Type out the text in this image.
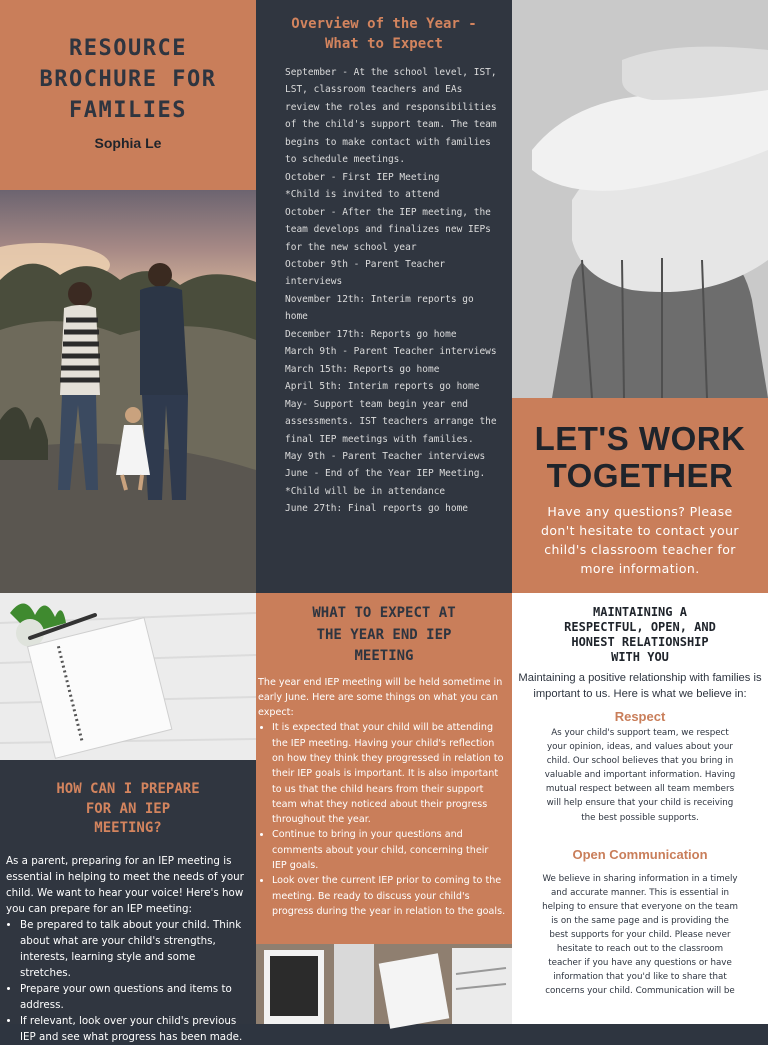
RESOURCE
BROCHURE FOR
FAMILIES
Sophia Le
Overview of the Year -
What to Expect
September - At the school level, IST, LST, classroom teachers and EAs review the roles and responsibilities of the child's support team. The team begins to make contact with families to schedule meetings.
October - First IEP Meeting
*Child is invited to attend
October - After the IEP meeting, the team develops and finalizes new IEPs for the new school year
October 9th - Parent Teacher interviews
November 12th: Interim reports go home
December 17th: Reports go home
March 9th - Parent Teacher interviews
March 15th: Reports go home
April 5th: Interim reports go home
May- Support team begin year end assessments. IST teachers arrange the final IEP meetings with families.
May 9th - Parent Teacher interviews
June - End of the Year IEP Meeting.
*Child will be in attendance
June 27th: Final reports go home
LET'S WORK
TOGETHER

Have any questions? Please don't hesitate to contact your child's classroom teacher for more information.

HOW CAN I PREPARE
FOR AN IEP
MEETING?

As a parent, preparing for an IEP meeting is essential in helping to meet the needs of your child. We want to hear your voice! Here's how you can prepare for an IEP meeting:

• Be prepared to talk about your child. Think about what are your child's strengths, interests, learning style and some stretches.
• Prepare your own questions and items to address.
• If relevant, look over your child's previous IEP and see what progress has been made.
WHAT TO EXPECT AT
THE YEAR END IEP
MEETING

The year end IEP meeting will be held sometime in early June. Here are some things on what you can expect:

• It is expected that your child will be attending the IEP meeting. Having your child's reflection on how they think they progressed in relation to their IEP goals is important. It is also important to us that the child hears from their support team what they noticed about their progress throughout the year.
• Continue to bring in your questions and comments about your child, concerning their IEP goals.
• Look over the current IEP prior to coming to the meeting. Be ready to discuss your child's progress during the year in relation to the goals.
MAINTAINING A
RESPECTFUL, OPEN, AND
HONEST RELATIONSHIP
WITH YOU

Maintaining a positive relationship with families is important to us. Here is what we believe in:

Respect

As your child's support team, we respect your opinion, ideas, and values about your child. Our school believes that you bring in valuable and important information. Having mutual respect between all team members will help ensure that your child is receiving the best possible supports.

Open Communication

We believe in sharing information in a timely and accurate manner. This is essential in helping to ensure that everyone on the team is on the same page and is providing the best supports for your child. Please never hesitate to reach out to the classroom teacher if you have any questions or have information that you'd like to share that concerns your child. Communication will be
